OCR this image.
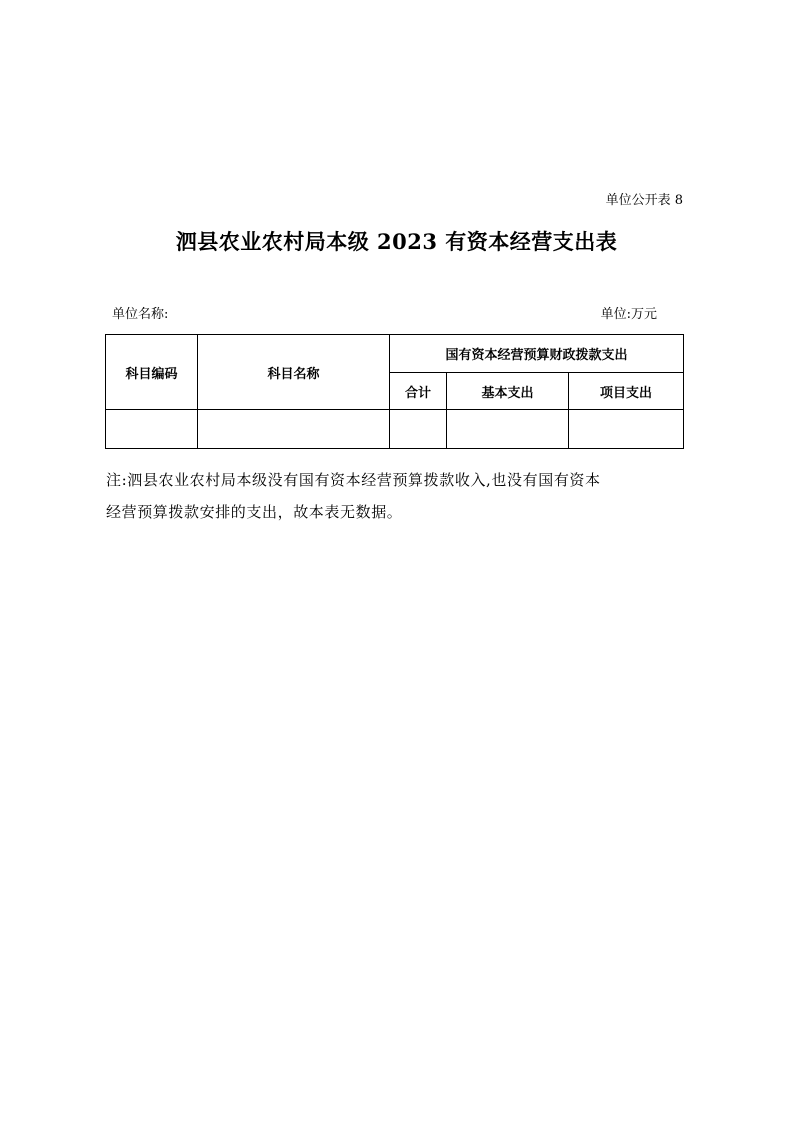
单位公开表 8
泗县农业农村局本级 2023 有资本经营支出表
单位名称:	单位:万元
科目编码	科目名称	国有资本经营预算财政拨款支出		
		合计	基本支出	项目支出

注:泗县农业农村局本级没有国有资本经营预算拨款收入,也没有国有资本
经营预算拨款安排的支出，故本表无数据。
